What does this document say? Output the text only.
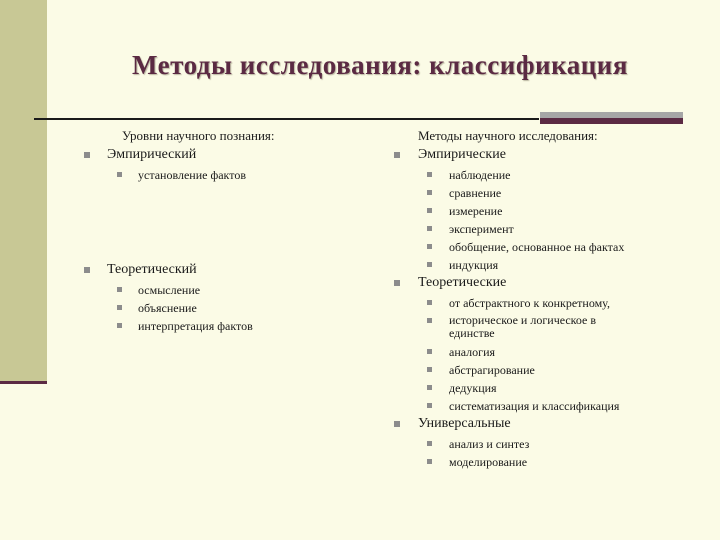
Методы исследования: классификация
Уровни научного познания:
Эмпирический
установление фактов
Теоретический
осмысление
объяснение
интерпретация фактов
Методы научного исследования:
Эмпирические
наблюдение
сравнение
измерение
эксперимент
обобщение, основанное на фактах
индукция
Теоретические
от абстрактного к конкретному,
историческое и логическое в единстве
аналогия
абстрагирование
дедукция
систематизация и классификация
Универсальные
анализ и синтез
моделирование
